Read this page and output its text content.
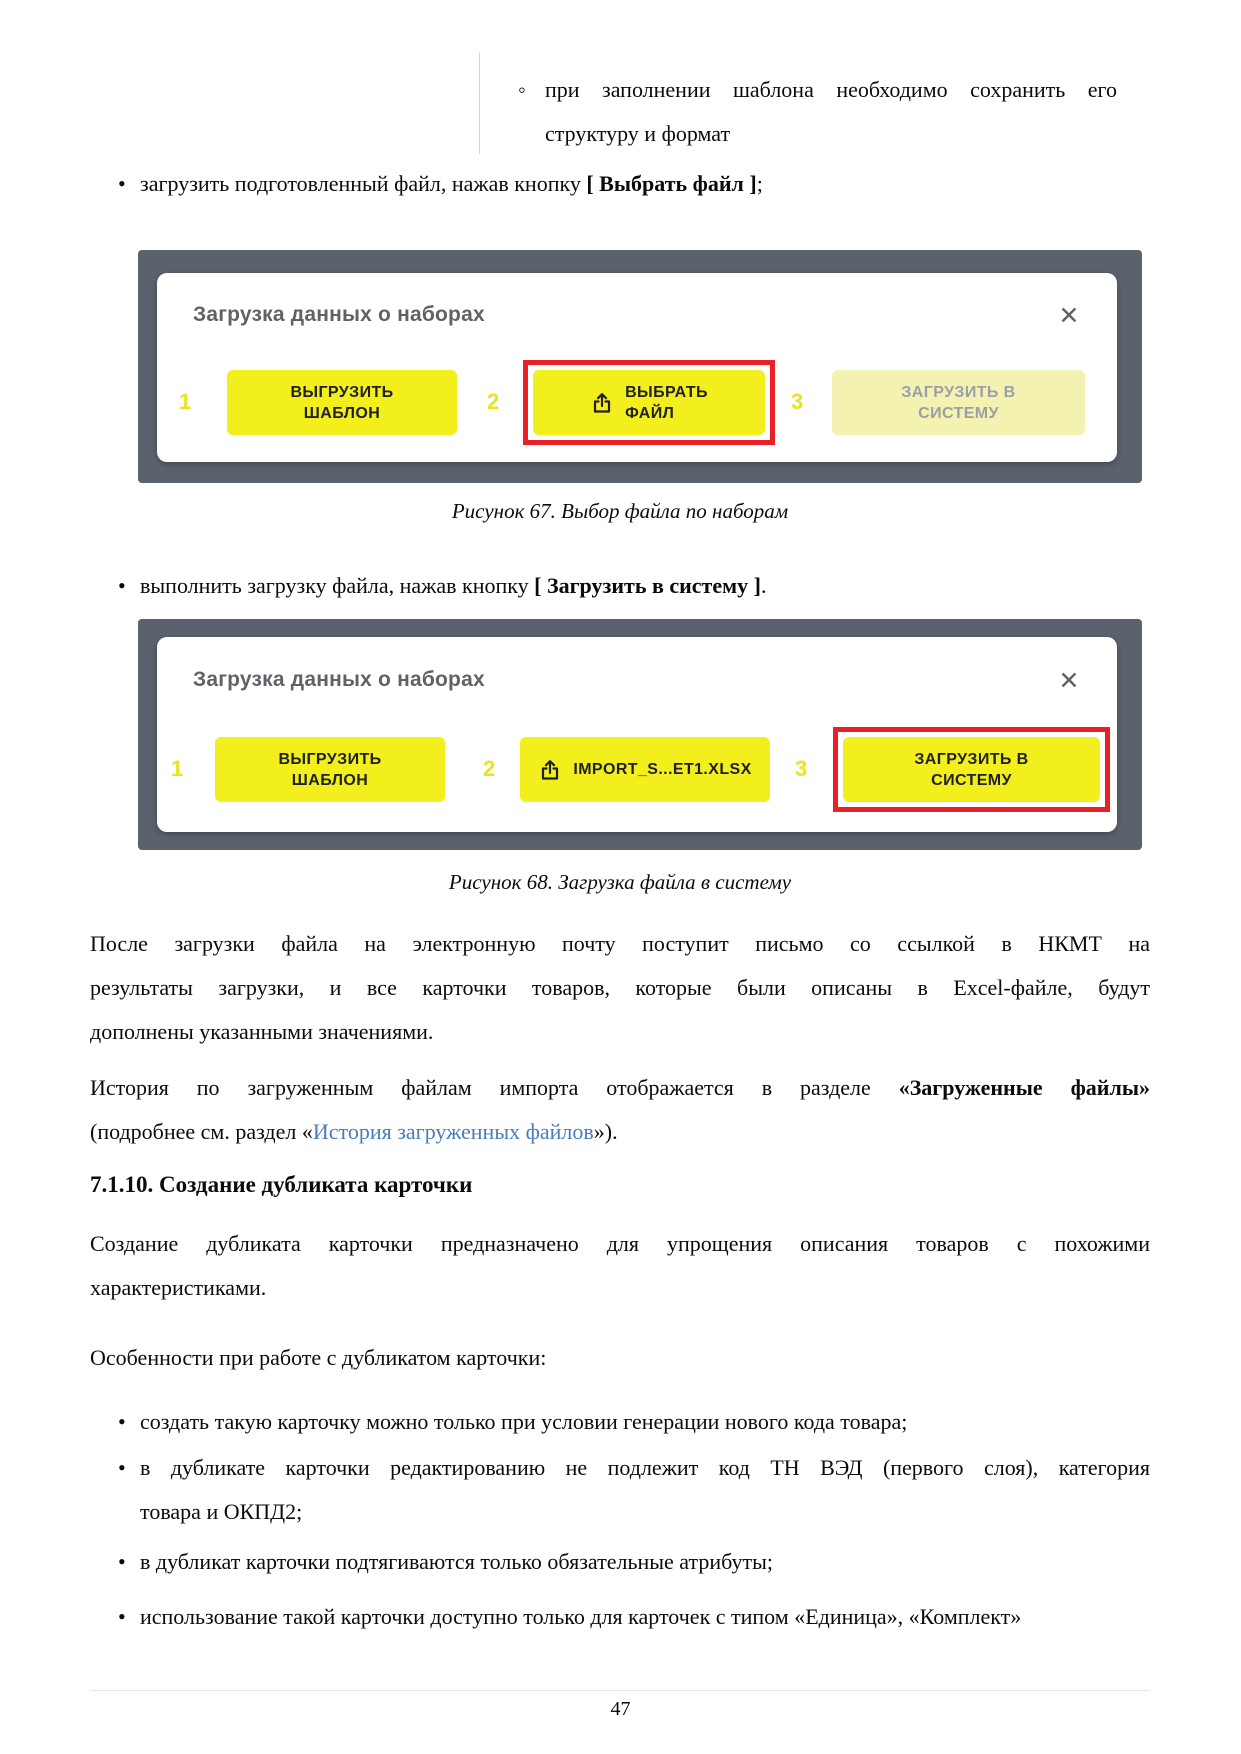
◦ при заполнении шаблона необходимо сохранить его
структуру и формат
• загрузить подготовленный файл, нажав кнопку [ Выбрать файл ];
Загрузка данных о наборах	✕
1	ВЫГРУЗИТЬ
ШАБЛОН	2	ВЫБРАТЬ
ФАЙЛ	3	ЗАГРУЗИТЬ В
СИСТЕМУ
Рисунок 67. Выбор файла по наборам
• выполнить загрузку файла, нажав кнопку [ Загрузить в систему ].
Загрузка данных о наборах	✕
1	ВЫГРУЗИТЬ
ШАБЛОН	2	IMPORT_S...ET1.XLSX 3	ЗАГРУЗИТЬ В
СИСТЕМУ
Рисунок 68. Загрузка файла в систему
После загрузки файла на электронную почту поступит письмо со ссылкой в НКМТ на
результаты загрузки, и все карточки товаров, которые были описаны в Excel-файле, будут
дополнены указанными значениями.
История по загруженным файлам импорта отображается в разделе «Загруженные файлы»
(подробнее см. раздел «История загруженных файлов»).
7.1.10. Создание дубликата карточки
Создание дубликата карточки предназначено для упрощения описания товаров с похожими
характеристиками.
Особенности при работе с дубликатом карточки:
• создать такую карточку можно только при условии генерации нового кода товара;
• в дубликате карточки редактированию не подлежит код ТН ВЭД (первого слоя), категория
товара и ОКПД2;
• в дубликат карточки подтягиваются только обязательные атрибуты;
• использование такой карточки доступно только для карточек с типом «Единица», «Комплект»
47
